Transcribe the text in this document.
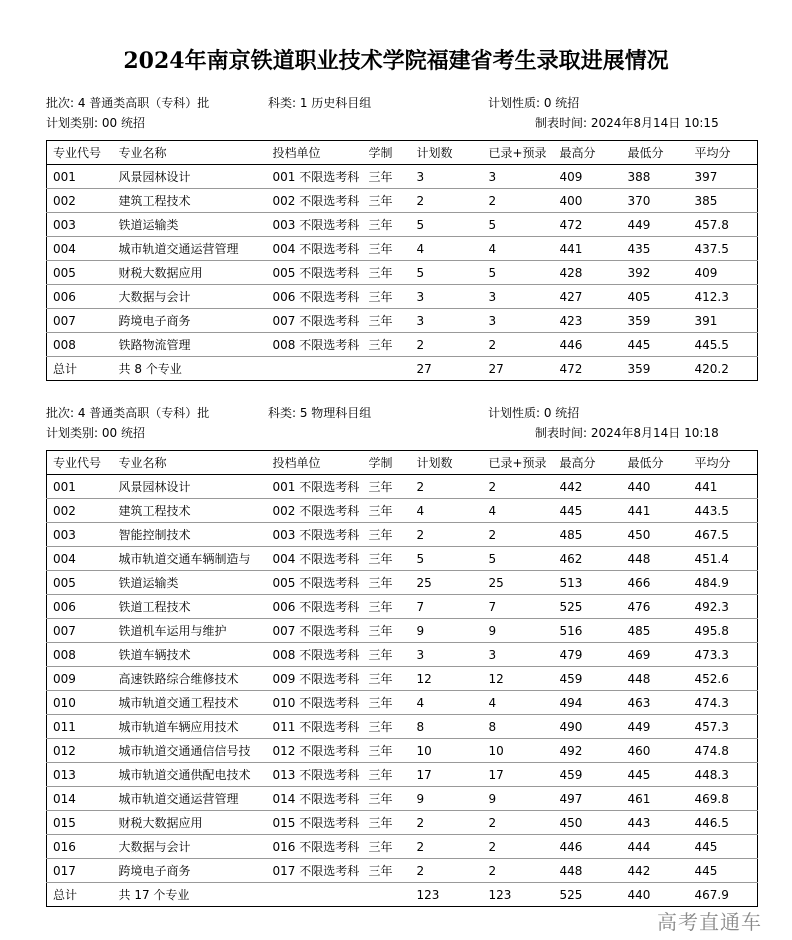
2024年南京铁道职业技术学院福建省考生录取进展情况
批次: 4 普通类高职（专科）批	科类: 1 历史科目组	计划性质: 0 统招
计划类别: 00 统招	制表时间: 2024年8月14日 10:15
专业代号	专业名称	投档单位	学制	计划数	已录+预录	最高分	最低分	平均分
001	风景园林设计	001 不限选考科	三年	3	3	409	388	397
002	建筑工程技术	002 不限选考科	三年	2	2	400	370	385
003	铁道运输类	003 不限选考科	三年	5	5	472	449	457.8
004	城市轨道交通运营管理	004 不限选考科	三年	4	4	441	435	437.5
005	财税大数据应用	005 不限选考科	三年	5	5	428	392	409
006	大数据与会计	006 不限选考科	三年	3	3	427	405	412.3
007	跨境电子商务	007 不限选考科	三年	3	3	423	359	391
008	铁路物流管理	008 不限选考科	三年	2	2	446	445	445.5
总计	共 8 个专业			27	27	472	359	420.2
批次: 4 普通类高职（专科）批	科类: 5 物理科目组	计划性质: 0 统招
计划类别: 00 统招	制表时间: 2024年8月14日 10:18
专业代号	专业名称	投档单位	学制	计划数	已录+预录	最高分	最低分	平均分
001	风景园林设计	001 不限选考科	三年	2	2	442	440	441
002	建筑工程技术	002 不限选考科	三年	4	4	445	441	443.5
003	智能控制技术	003 不限选考科	三年	2	2	485	450	467.5
004	城市轨道交通车辆制造与	004 不限选考科	三年	5	5	462	448	451.4
005	铁道运输类	005 不限选考科	三年	25	25	513	466	484.9
006	铁道工程技术	006 不限选考科	三年	7	7	525	476	492.3
007	铁道机车运用与维护	007 不限选考科	三年	9	9	516	485	495.8
008	铁道车辆技术	008 不限选考科	三年	3	3	479	469	473.3
009	高速铁路综合维修技术	009 不限选考科	三年	12	12	459	448	452.6
010	城市轨道交通工程技术	010 不限选考科	三年	4	4	494	463	474.3
011	城市轨道车辆应用技术	011 不限选考科	三年	8	8	490	449	457.3
012	城市轨道交通通信信号技	012 不限选考科	三年	10	10	492	460	474.8
013	城市轨道交通供配电技术	013 不限选考科	三年	17	17	459	445	448.3
014	城市轨道交通运营管理	014 不限选考科	三年	9	9	497	461	469.8
015	财税大数据应用	015 不限选考科	三年	2	2	450	443	446.5
016	大数据与会计	016 不限选考科	三年	2	2	446	444	445
017	跨境电子商务	017 不限选考科	三年	2	2	448	442	445
总计	共 17 个专业			123	123	525	440	467.9
高考直通车
